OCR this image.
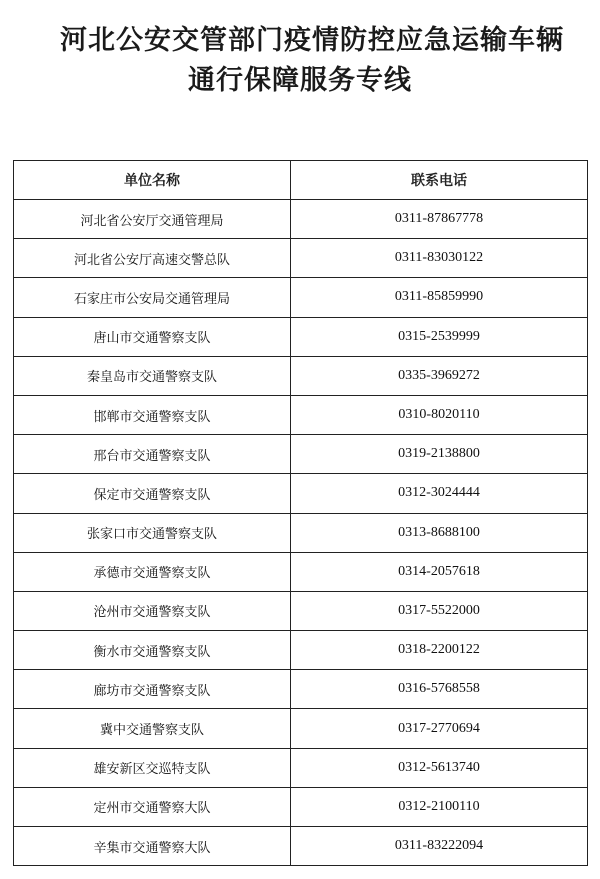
河北公安交管部门疫情防控应急运输车辆
通行保障服务专线
单位名称	联系电话
河北省公安厅交通管理局	0311-87867778
河北省公安厅高速交警总队	0311-83030122
石家庄市公安局交通管理局	0311-85859990
唐山市交通警察支队	0315-2539999
秦皇岛市交通警察支队	0335-3969272
邯郸市交通警察支队	0310-8020110
邢台市交通警察支队	0319-2138800
保定市交通警察支队	0312-3024444
张家口市交通警察支队	0313-8688100
承德市交通警察支队	0314-2057618
沧州市交通警察支队	0317-5522000
衡水市交通警察支队	0318-2200122
廊坊市交通警察支队	0316-5768558
冀中交通警察支队	0317-2770694
雄安新区交巡特支队	0312-5613740
定州市交通警察大队	0312-2100110
辛集市交通警察大队	0311-83222094
